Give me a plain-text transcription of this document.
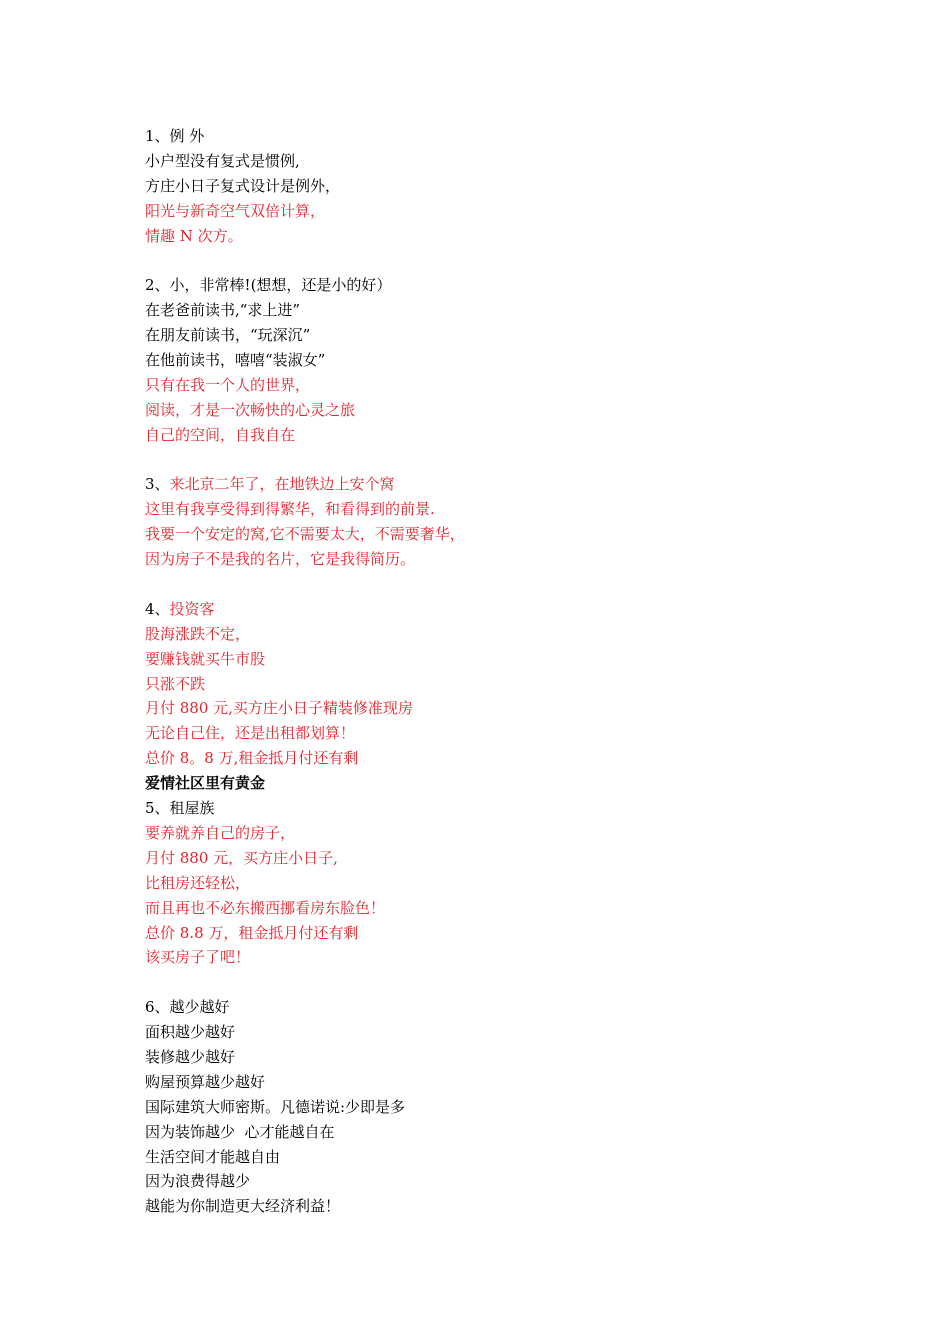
1、例 外
小户型没有复式是惯例,
方庄小日子复式设计是例外，
阳光与新奇空气双倍计算，
情趣 N 次方。
2、小，非常棒!(想想，还是小的好）
在老爸前读书,“求上进”
在朋友前读书，“玩深沉”
在他前读书，嘻嘻“装淑女”
只有在我一个人的世界，
阅读，才是一次畅快的心灵之旅
自己的空间，自我自在
3、来北京二年了，在地铁边上安个窝
这里有我享受得到得繁华，和看得到的前景.
我要一个安定的窝,它不需要太大，不需要奢华，
因为房子不是我的名片，它是我得简历。
4、投资客
股海涨跌不定，
要赚钱就买牛市股
只涨不跌
月付 880 元,买方庄小日子精装修准现房
无论自己住，还是出租都划算！
总价 8。8 万,租金抵月付还有剩
爱情社区里有黄金
5、租屋族
要养就养自己的房子，
月付 880 元，买方庄小日子,
比租房还轻松，
而且再也不必东搬西挪看房东脸色！
总价 8.8 万，租金抵月付还有剩
该买房子了吧！
6、越少越好
面积越少越好
装修越少越好
购屋预算越少越好
国际建筑大师密斯。凡德诺说:少即是多
因为装饰越少  心才能越自在
生活空间才能越自由
因为浪费得越少
越能为你制造更大经济利益！
